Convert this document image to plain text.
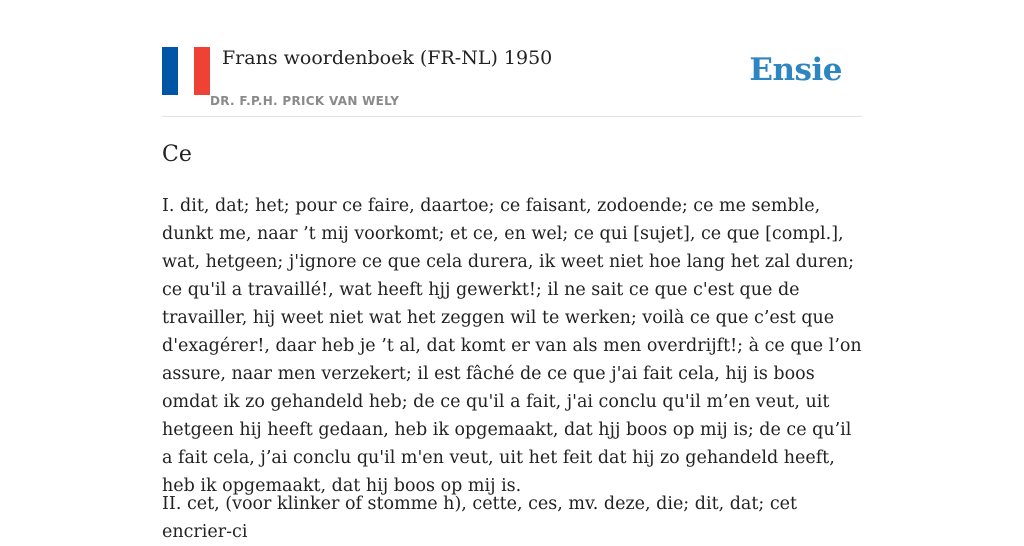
Frans woordenboek (FR-NL) 1950
DR. F.P.H. PRICK VAN WELY
Ensie
Ce

I. dit, dat; het; pour ce faire, daartoe; ce faisant, zodoende; ce me semble, dunkt me, naar ’t mij voorkomt; et ce, en wel; ce qui [sujet], ce que [compl.], wat, hetgeen; j'ignore ce que cela durera, ik weet niet hoe lang het zal duren; ce qu'il a travaillé!, wat heeft hjj gewerkt!; il ne sait ce que c'est que de travailler, hij weet niet wat het zeggen wil te werken; voilà ce que c’est que d'exagérer!, daar heb je ’t al, dat komt er van als men overdrijft!; à ce que l’on assure, naar men verzekert; il est fâché de ce que j'ai fait cela, hij is boos omdat ik zo gehandeld heb; de ce qu'il a fait, j'ai conclu qu'il m’en veut, uit hetgeen hij heeft gedaan, heb ik opgemaakt, dat hjj boos op mij is; de ce qu’il a fait cela, j’ai conclu qu'il m'en veut, uit het feit dat hij zo gehandeld heeft, heb ik opgemaakt, dat hij boos op mij is.

II. cet, (voor klinker of stomme h), cette, ces, mv. deze, die; dit, dat; cet encrier-ci
